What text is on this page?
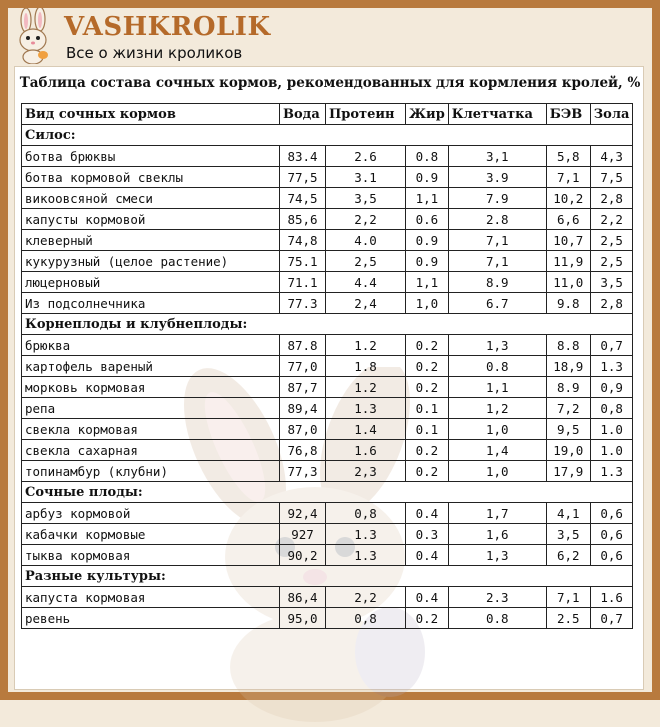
VASHKROLIK
Все о жизни кроликов
Таблица состава сочных кормов, рекомендованных для кормления кролей, %
Вид сочных кормов	Вода	Протеин	Жир	Клетчатка	БЭВ	Зола
Силос:						
ботва брюквы	83.4	2.6	0.8	3,1	5,8	4,3
ботва кормовой свеклы	77,5	3.1	0.9	3.9	7,1	7,5
викоовсяной смеси	74,5	3,5	1,1	7.9	10,2	2,8
капусты кормовой	85,6	2,2	0.6	2.8	6,6	2,2
клеверный	74,8	4.0	0.9	7,1	10,7	2,5
кукурузный (целое растение)	75.1	2,5	0.9	7,1	11,9	2,5
люцерновый	71.1	4.4	1,1	8.9	11,0	3,5
Из подсолнечника	77.3	2,4	1,0	6.7	9.8	2,8
Корнеплоды и клубнеплоды:						
брюква	87.8	1.2	0.2	1,3	8.8	0,7
картофель вареный	77,0	1.8	0.2	0.8	18,9	1.3
морковь кормовая	87,7	1.2	0.2	1,1	8.9	0,9
репа	89,4	1.3	0.1	1,2	7,2	0,8
свекла кормовая	87,0	1.4	0.1	1,0	9,5	1.0
свекла сахарная	76,8	1.6	0.2	1,4	19,0	1.0
топинамбур (клубни)	77,3	2,3	0.2	1,0	17,9	1.3
Сочные плоды:						
арбуз кормовой	92,4	0,8	0.4	1,7	4,1	0,6
кабачки кормовые	927	1.3	0.3	1,6	3,5	0,6
тыква кормовая	90,2	1.3	0.4	1,3	6,2	0,6
Разные культуры:						
капуста кормовая	86,4	2,2	0.4	2.3	7,1	1.6
ревень	95,0	0,8	0.2	0.8	2.5	0,7
